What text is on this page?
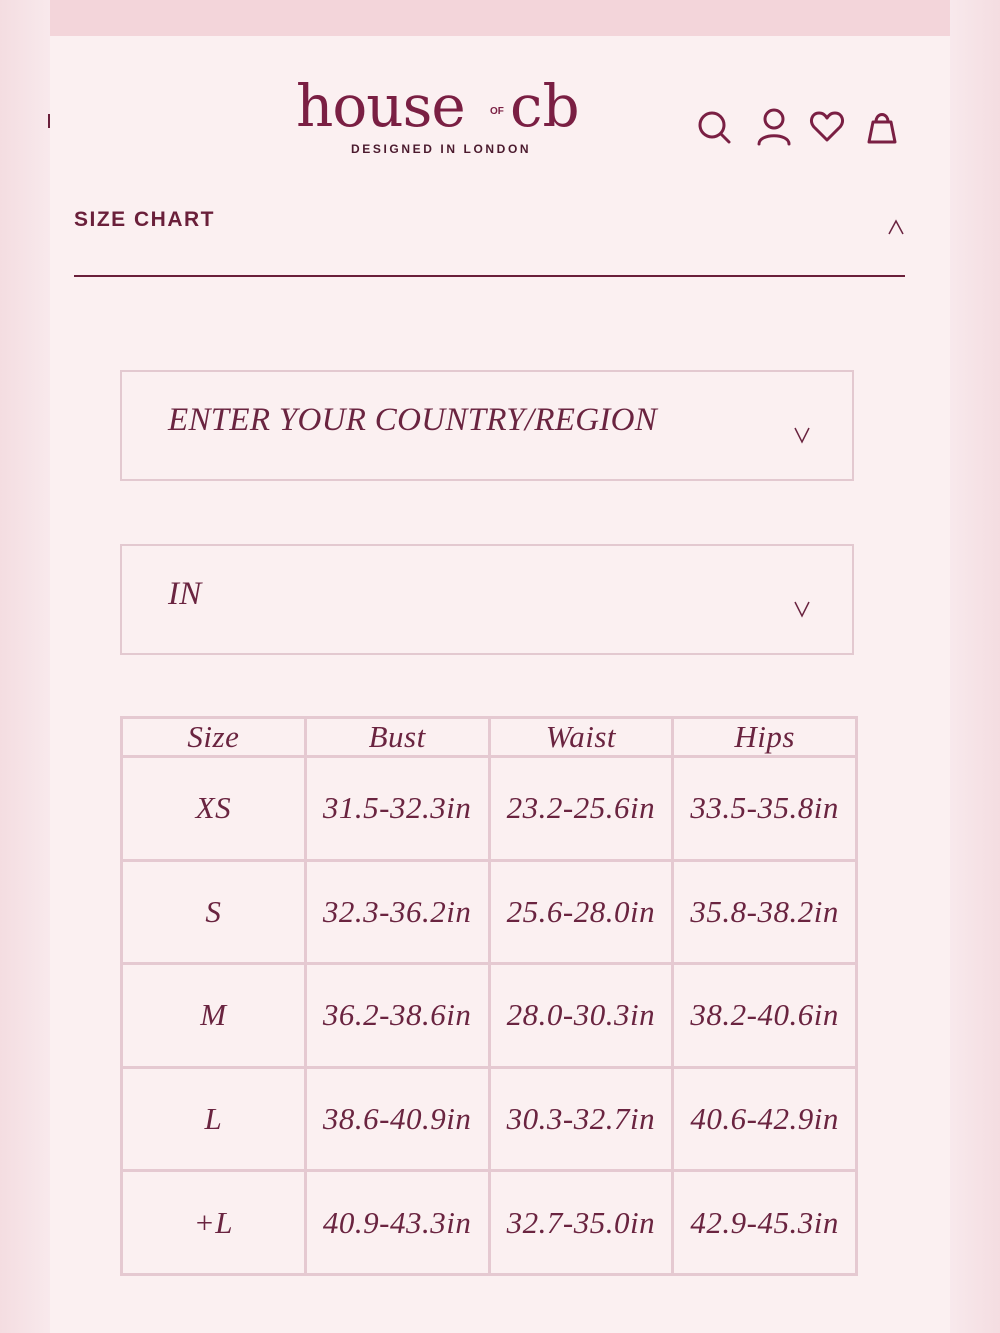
house	OF cb
DESIGNED IN LONDON
SIZE CHART
ENTER YOUR COUNTRY/REGION
IN
Size	Bust	Waist	Hips
XS	31.5-32.3in	23.2-25.6in	33.5-35.8in
S	32.3-36.2in	25.6-28.0in	35.8-38.2in
M	36.2-38.6in	28.0-30.3in	38.2-40.6in
L	38.6-40.9in	30.3-32.7in	40.6-42.9in
+L	40.9-43.3in	32.7-35.0in	42.9-45.3in
